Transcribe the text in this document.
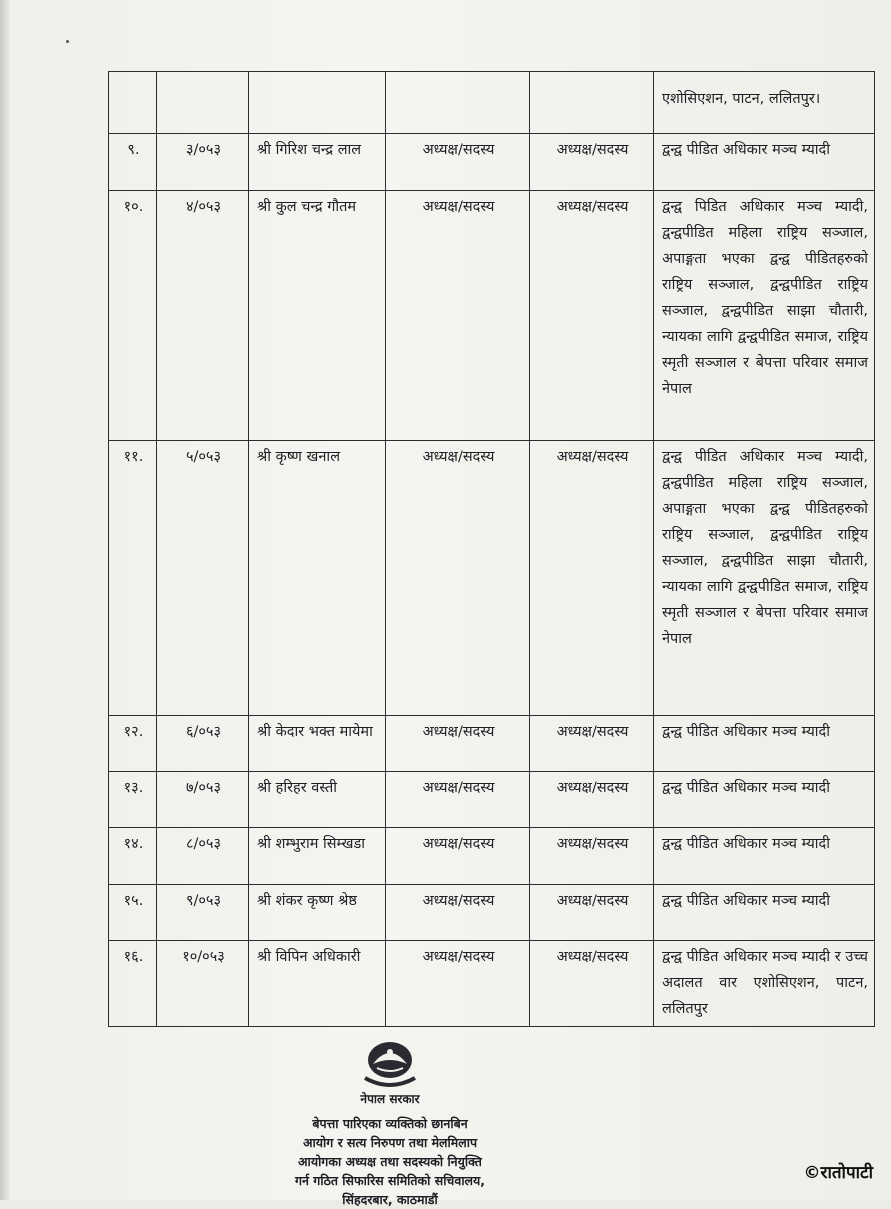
					एशोसिएशन, पाटन, ललितपुर।
९.	३/०५३	श्री गिरिश चन्द्र लाल	अध्यक्ष/सदस्य	अध्यक्ष/सदस्य	द्वन्द्व पीडित अधिकार मञ्च म्यादी
१०.	४/०५३	श्री कुल चन्द्र गौतम	अध्यक्ष/सदस्य	अध्यक्ष/सदस्य	द्वन्द्व पिडित अधिकार मञ्च म्यादी, द्वन्द्वपीडित महिला राष्ट्रिय सञ्जाल, अपाङ्गता भएका द्वन्द्व पीडितहरुको राष्ट्रिय सञ्जाल, द्वन्द्वपीडित राष्ट्रिय सञ्जाल, द्वन्द्वपीडित साझा चौतारी, न्यायका लागि द्वन्द्वपीडित समाज, राष्ट्रिय स्मृती सञ्जाल र बेपत्ता परिवार समाज नेपाल
११.	५/०५३	श्री कृष्ण खनाल	अध्यक्ष/सदस्य	अध्यक्ष/सदस्य	द्वन्द्व पीडित अधिकार मञ्च म्यादी, द्वन्द्वपीडित महिला राष्ट्रिय सञ्जाल, अपाङ्गता भएका द्वन्द्व पीडितहरुको राष्ट्रिय सञ्जाल, द्वन्द्वपीडित राष्ट्रिय सञ्जाल, द्वन्द्वपीडित साझा चौतारी, न्यायका लागि द्वन्द्वपीडित समाज, राष्ट्रिय स्मृती सञ्जाल र बेपत्ता परिवार समाज नेपाल
१२.	६/०५३	श्री केदार भक्त मायेमा	अध्यक्ष/सदस्य	अध्यक्ष/सदस्य	द्वन्द्व पीडित अधिकार मञ्च म्यादी
१३.	७/०५३	श्री हरिहर वस्ती	अध्यक्ष/सदस्य	अध्यक्ष/सदस्य	द्वन्द्व पीडित अधिकार मञ्च म्यादी
१४.	८/०५३	श्री शम्भुराम सिम्खडा	अध्यक्ष/सदस्य	अध्यक्ष/सदस्य	द्वन्द्व पीडित अधिकार मञ्च म्यादी
१५.	९/०५३	श्री शंकर कृष्ण श्रेष्ठ	अध्यक्ष/सदस्य	अध्यक्ष/सदस्य	द्वन्द्व पीडित अधिकार मञ्च म्यादी
१६.	१०/०५३	श्री विपिन अधिकारी	अध्यक्ष/सदस्य	अध्यक्ष/सदस्य	द्वन्द्व पीडित अधिकार मञ्च म्यादी र उच्च अदालत वार एशोसिएशन, पाटन, ललितपुर
नेपाल सरकार
बेपत्ता पारिएका व्यक्तिको छानबिन
आयोग र सत्य निरुपण तथा मेलमिलाप
आयोगका अध्यक्ष तथा सदस्यको नियुक्ति
गर्न गठित सिफारिस समितिको सचिवालय,
सिंहदरबार, काठमाडौं
©रातोपाटी
